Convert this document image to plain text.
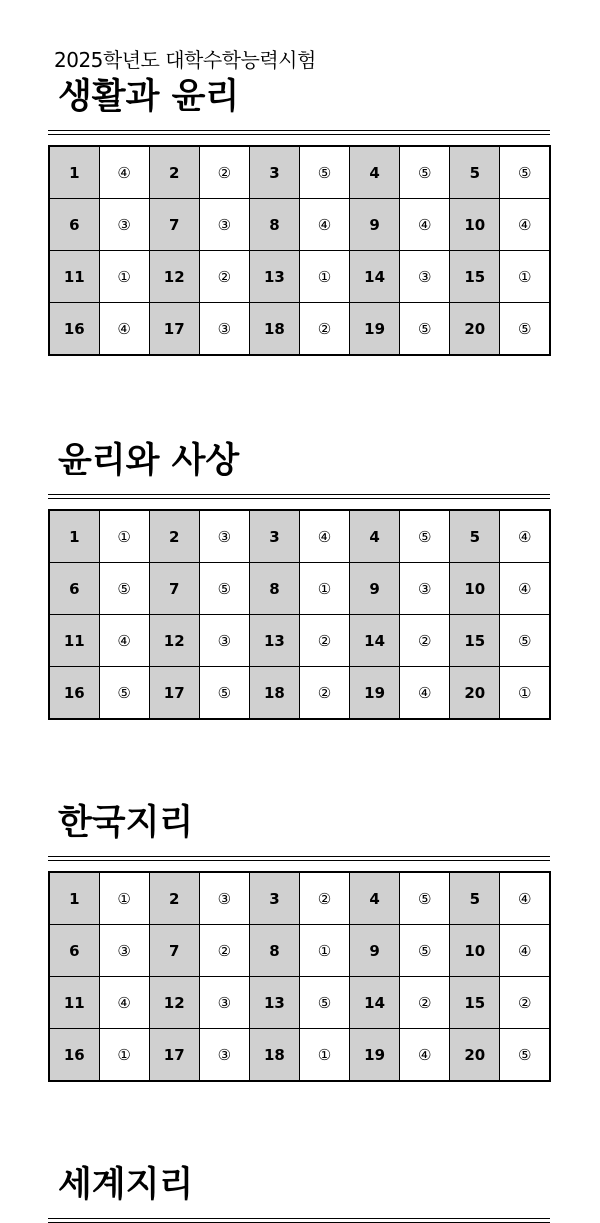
2025학년도 대학수학능력시험
생활과 윤리
1	④	2	②	3	⑤	4	⑤	5	⑤
6	③	7	③	8	④	9	④	10	④
11	①	12	②	13	①	14	③	15	①
16	④	17	③	18	②	19	⑤	20	⑤
윤리와 사상
1	①	2	③	3	④	4	⑤	5	④
6	⑤	7	⑤	8	①	9	③	10	④
11	④	12	③	13	②	14	②	15	⑤
16	⑤	17	⑤	18	②	19	④	20	①
한국지리
1	①	2	③	3	②	4	⑤	5	④
6	③	7	②	8	①	9	⑤	10	④
11	④	12	③	13	⑤	14	②	15	②
16	①	17	③	18	①	19	④	20	⑤
세계지리
